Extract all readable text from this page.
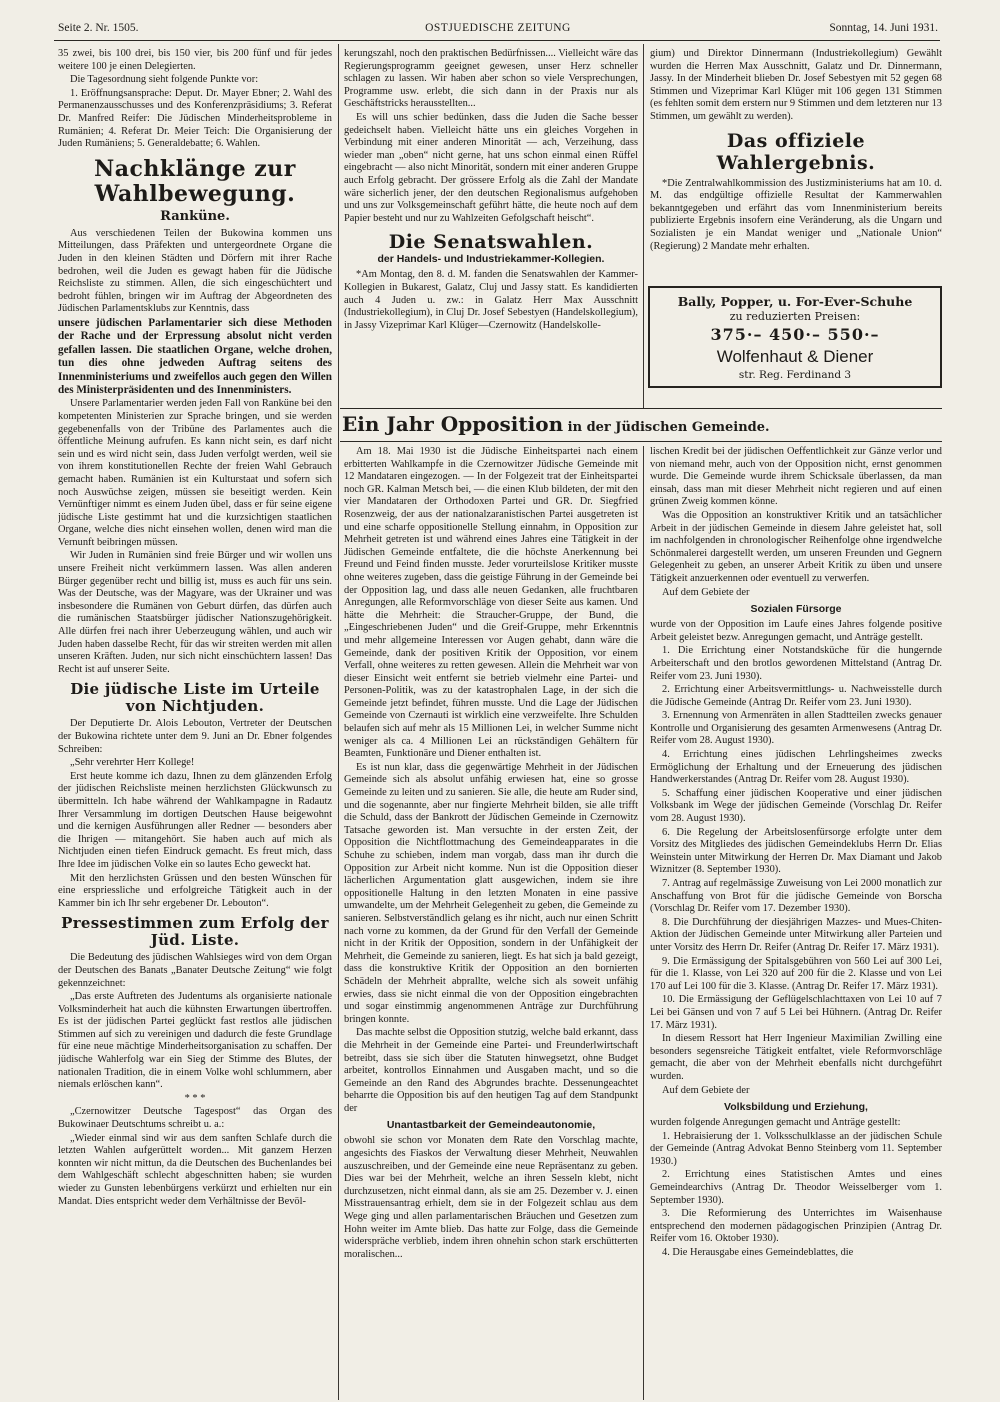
Seite 2. Nr. 1505.	OSTJUEDISCHE ZEITUNG	Sonntag, 14. Juni 1931.

35 zwei, bis 100 drei, bis 150 vier, bis 200 fünf und für jedes weitere 100 je einen Delegierten.

Die Tagesordnung sieht folgende Punkte vor:

1. Eröffnungsansprache: Deput. Dr. Mayer Ebner; 2. Wahl des Permanenzausschusses und des Konferenzpräsidiums; 3. Referat Dr. Manfred Reifer: Die Jüdischen Minderheitsprobleme in Rumänien; 4. Referat Dr. Meier Teich: Die Organisierung der Juden Rumäniens; 5. Generaldebatte; 6. Wahlen.

Nachklänge zur Wahlbewegung.
Rankünе.

Aus verschiedenen Teilen der Bukowina kommen uns Mitteilungen, dass Präfekten und untergeordnete Organe die Juden in den kleinen Städten und Dörfern mit ihrer Rache bedrohen, weil die Juden es gewagt haben für die Jüdische Reichsliste zu stimmen. Allen, die sich eingeschüchtert und bedroht fühlen, bringen wir im Auftrag der Abgeordneten des Jüdischen Parlamentsklubs zur Kenntnis, dass

unsere jüdischen Parlamentarier sich diese Methoden der Rache und der Erpressung absolut nicht verden gefallen lassen. Die staatlichen Organe, welche drohen, tun dies ohne jedweden Auftrag seitens des Innenministeriums und zweifellos auch gegen den Willen des Ministerpräsidenten und des Innenministers.

Unsere Parlamentarier werden jeden Fall von Rankünе bei den kompetenten Ministerien zur Sprache bringen, und sie werden gegebenenfalls von der Tribüne des Parlamentes auch die öffentliche Meinung aufrufen. Es kann nicht sein, es darf nicht sein und es wird nicht sein, dass Juden verfolgt werden, weil sie von ihrem konstitutionellen Rechte der freien Wahl Gebrauch gemacht haben. Rumänien ist ein Kulturstaat und sofern sich noch Auswüchse zeigen, müssen sie beseitigt werden. Kein Vernünftiger nimmt es einem Juden übel, dass er für seine eigene jüdische Liste gestimmt hat und die kurzsichtigen staatlichen Organe, welche dies nicht einsehen wollen, denen wird man die Vernunft beibringen müssen.

Wir Juden in Rumänien sind freie Bürger und wir wollen uns unsere Freiheit nicht verkümmern lassen. Was allen anderen Bürger gegenüber recht und billig ist, muss es auch für uns sein. Was der Deutsche, was der Magyare, was der Ukrainer und was insbesondere die Rumänen von Geburt dürfen, das dürfen auch die rumänischen Staatsbürger jüdischer Nationszugehörigkeit. Alle dürfen frei nach ihrer Ueberzeugung wählen, und auch wir Juden haben dasselbe Recht, für das wir streiten werden mit allen unseren Kräften. Juden, nur sich nicht einschüchtern lassen! Das Recht ist auf unserer Seite.

Die jüdische Liste im Urteile von Nichtjuden.

Der Deputierte Dr. Alois Lebouton, Vertreter der Deutschen der Bukowina richtete unter dem 9. Juni an Dr. Ebner folgendes Schreiben:

„Sehr verehrter Herr Kollege!

Erst heute komme ich dazu, Ihnen zu dem glänzenden Erfolg der jüdischen Reichsliste meinen herzlichsten Glückwunsch zu übermitteln. Ich habe während der Wahlkampagne in Radautz Ihrer Versammlung im dortigen Deutschen Hause beigewohnt und die kernigen Ausführungen aller Redner — besonders aber die Ihrigen — mitangehört. Sie haben auch auf mich als Nichtjuden einen tiefen Eindruck gemacht. Es freut mich, dass Ihre Idee im jüdischen Volke ein so lautes Echo geweckt hat.

Mit den herzlichsten Grüssen und den besten Wünschen für eine erspriessliche und erfolgreiche Tätigkeit auch in der Kammer bin ich Ihr sehr ergebener Dr. Lebouton“.

Pressestimmen zum Erfolg der Jüd. Liste.

Die Bedeutung des jüdischen Wahlsieges wird von dem Organ der Deutschen des Banats „Banater Deutsche Zeitung“ wie folgt gekennzeichnet:

„Das erste Auftreten des Judentums als organisierte nationale Volksminderheit hat auch die kühnsten Erwartungen übertroffen. Es ist der jüdischen Partei geglückt fast restlos alle jüdischen Stimmen auf sich zu vereinigen und dadurch die feste Grundlage für eine neue mächtige Minderheitsorganisation zu schaffen. Der jüdische Wahlerfolg war ein Sieg der Stimme des Blutes, der nationalen Tradition, die in einem Volke wohl schlummern, aber niemals erlöschen kann“.

* * *

„Czernowitzer Deutsche Tagespost“ das Organ des Bukowinaer Deutschtums schreibt u. a.:

„Wieder einmal sind wir aus dem sanften Schlafe durch die letzten Wahlen aufgerüttelt worden... Mit ganzem Herzen konnten wir nicht mittun, da die Deutschen des Buchenlandes bei dem Wahlgeschäft schlecht abgeschnitten haben; sie wurden wieder zu Gunsten lebenbürgens verkürzt und erhielten nur ein Mandat. Dies entspricht weder dem Verhältnisse der Bevöl-

kerungszahl, noch den praktischen Bedürfnissen.... Vielleicht wäre das Regierungsprogramm geeignet gewesen, unser Herz schneller schlagen zu lassen. Wir haben aber schon so viele Versprechungen, Programme usw. erlebt, die sich dann in der Praxis nur als Geschäftstricks herausstellten...

Es will uns schier bedünken, dass die Juden die Sache besser gedeichselt haben. Vielleicht hätte uns ein gleiches Vorgehen in Verbindung mit einer anderen Minorität — ach, Verzeihung, dass wieder man „oben“ nicht gerne, hat uns schon einmal einen Rüffel eingebracht — also nicht Minorität, sondern mit einer anderen Gruppe auch Erfolg gebracht. Der grössere Erfolg als die Zahl der Mandate wäre sicherlich jener, der den deutschen Regionalismus aufgehoben und uns zur Volksgemeinschaft geführt hätte, die heute noch auf dem Papier besteht und nur zu Wahlzeiten Gefolgschaft heischt“.

Die Senatswahlen.
der Handels- und Industriekammer-Kollegien.

*Am Montag, den 8. d. M. fanden die Senatswahlen der Kammer-Kollegien in Bukarest, Galatz, Cluj und Jassy statt. Es kandidierten auch 4 Juden u. zw.: in Galatz Herr Max Ausschnitt (Industriekollegium), in Cluj Dr. Josef Sebestyen (Handelskollegium), in Jassy Vizeprimar Karl Klüger—Czernowitz (Handelskolle-

gium) und Direktor Dinnermann (Industriekollegium) Gewählt wurden die Herren Max Ausschnitt, Galatz und Dr. Dinnermann, Jassy. In der Minderheit blieben Dr. Josef Sebestyen mit 52 gegen 68 Stimmen und Vizeprimar Karl Klüger mit 106 gegen 131 Stimmen (es fehlten somit dem erstern nur 9 Stimmen und dem letzteren nur 13 Stimmen, um gewählt zu werden).

Das offiziele Wahlergebnis.

*Die Zentralwahlkommission des Justizministeriums hat am 10. d. M. das endgültige offizielle Resultat der Kammerwahlen bekanntgegeben und erfährt das vom Innenministerium bereits publizierte Ergebnis insofern eine Veränderung, als die Ungarn und Sozialisten je ein Mandat weniger und „Nationale Union“ (Regierung) 2 Mandate mehr erhalten.

Bally, Popper, u. For-Ever-Schuhe
zu reduzierten Preisen:
375·– 450·– 550·–
Wolfenhaut & Diener
str. Reg. Ferdinand 3
Ein Jahr Opposition in der Jüdischen Gemeinde.

Am 18. Mai 1930 ist die Jüdische Einheitspartei nach einem erbitterten Wahlkampfe in die Czernowitzer Jüdische Gemeinde mit 12 Mandataren eingezogen. — In der Folgezeit trat der Einheitspartei noch GR. Kalman Metsch bei, — die einen Klub bildeten, der mit den vier Mandataren der Orthodoxen Partei und GR. Dr. Siegfried Rosenzweig, der aus der nationalzaranistischen Partei ausgetreten ist und eine scharfe oppositionelle Stellung einnahm, in Opposition zur Mehrheit getreten ist und während eines Jahres eine Tätigkeit in der Jüdischen Gemeinde entfaltete, die die höchste Anerkennung bei Freund und Feind finden musste. Jeder vorurteilslose Kritiker musste ohne weiteres zugeben, dass die geistige Führung in der Gemeinde bei der Opposition lag, und dass alle neuen Gedanken, alle fruchtbaren Anregungen, alle Reformvorschläge von dieser Seite aus kamen. Und hätte die Mehrheit: die Straucher-Gruppe, der Bund, die „Eingeschriebenen Juden“ und die Greif-Gruppe, mehr Erkenntnis und mehr allgemeine Interessen vor Augen gehabt, dann wäre die Gemeinde, dank der positiven Kritik der Opposition, vor einem Verfall, ohne weiteres zu retten gewesen. Allein die Mehrheit war von dieser Einsicht weit entfernt sie betrieb vielmehr eine Partei- und Personen-Politik, was zu der katastrophalen Lage, in der sich die Gemeinde jetzt befindet, führen musste. Und die Lage der Jüdischen Gemeinde von Czernauti ist wirklich eine verzweifelte. Ihre Schulden belaufen sich auf mehr als 15 Millionen Lei, in welcher Summe nicht weniger als ca. 4 Millionen Lei an rückständigen Gehältern für Beamten, Funktionäre und Diener enthalten ist.

Es ist nun klar, dass die gegenwärtige Mehrheit in der Jüdischen Gemeinde sich als absolut unfähig erwiesen hat, eine so grosse Gemeinde zu leiten und zu sanieren. Sie alle, die heute am Ruder sind, und die sogenannte, aber nur fingierte Mehrheit bilden, sie alle trifft die Schuld, dass der Bankrott der Jüdischen Gemeinde in Czernowitz Tatsache geworden ist. Man versuchte in der ersten Zeit, der Opposition die Nichtflottmachung des Gemeindeapparates in die Schuhe zu schieben, indem man vorgab, dass man ihr durch die Opposition zur Arbeit nicht komme. Nun ist die Opposition dieser lächerlichen Argumentation glatt ausgewichen, indem sie ihre oppositionelle Haltung in den letzten Monaten in eine passive umwandelte, um der Mehrheit Gelegenheit zu geben, die Gemeinde zu sanieren. Selbstverständlich gelang es ihr nicht, auch nur einen Schritt nach vorne zu kommen, da der Grund für den Verfall der Gemeinde nicht in der Kritik der Opposition, sondern in der Unfähigkeit der Mehrheit, die Gemeinde zu sanieren, liegt. Es hat sich ja bald gezeigt, dass die konstruktive Kritik der Opposition an den bornierten Schädeln der Mehrheit abprallte, welche sich als soweit unfähig erwies, dass sie nicht einmal die von der Opposition eingebrachten und sogar einstimmig angenommenen Anträge zur Durchführung bringen konnte.

Das machte selbst die Opposition stutzig, welche bald erkannt, dass die Mehrheit in der Gemeinde eine Partei- und Freunderlwirtschaft betreibt, dass sie sich über die Statuten hinwegsetzt, ohne Budget arbeitet, kontrollos Einnahmen und Ausgaben macht, und so die Gemeinde an den Rand des Abgrundes brachte. Dessenungeachtet beharrte die Opposition bis auf den heutigen Tag auf dem Standpunkt der

Unantastbarkeit der Gemeindeautonomie,

obwohl sie schon vor Monaten dem Rate den Vorschlag machte, angesichts des Fiaskos der Verwaltung dieser Mehrheit, Neuwahlen auszuschreiben, und der Gemeinde eine neue Repräsentanz zu geben. Dies war bei der Mehrheit, welche an ihren Sesseln klebt, nicht durchzusetzen, nicht einmal dann, als sie am 25. Dezember v. J. einen Misstrauensantrag erhielt, dem sie in der Folgezeit schlau aus dem Wege ging und allen parlamentarischen Bräuchen und Gesetzen zum Hohn weiter im Amte blieb. Das hatte zur Folge, dass die Gemeinde widerspräche verblieb, indem ihren ohnehin schon stark erschütterten moralischen...

lischen Kredit bei der jüdischen Oeffentlichkeit zur Gänze verlor und von niemand mehr, auch von der Opposition nicht, ernst genommen wurde. Die Gemeinde wurde ihrem Schicksale überlassen, da man einsah, dass man mit dieser Mehrheit nicht regieren und auf einen grünen Zweig kommen könne.

Was die Opposition an konstruktiver Kritik und an tatsächlicher Arbeit in der jüdischen Gemeinde in diesem Jahre geleistet hat, soll im nachfolgenden in chronologischer Reihenfolge ohne irgendwelche Schönmalerei dargestellt werden, um unseren Freunden und Gegnern Gelegenheit zu geben, an unserer Arbeit Kritik zu üben und unsere Tätigkeit anzuerkennen oder eventuell zu verwerfen.

Auf dem Gebiete der

Sozialen Fürsorge

wurde von der Opposition im Laufe eines Jahres folgende positive Arbeit geleistet bezw. Anregungen gemacht, und Anträge gestellt.

1. Die Errichtung einer Notstandsküche für die hungernde Arbeiterschaft und den brotlos gewordenen Mittelstand (Antrag Dr. Reifer vom 23. Juni 1930).

2. Errichtung einer Arbeitsvermittlungs- u. Nachweisstelle durch die Jüdische Gemeinde (Antrag Dr. Reifer vom 23. Juni 1930).

3. Ernennung von Armenräten in allen Stadtteilen zwecks genauer Kontrolle und Organisierung des gesamten Armenwesens (Antrag Dr. Reifer vom 28. August 1930).

4. Errichtung eines jüdischen Lehrlingsheimes zwecks Ermöglichung der Erhaltung und der Erneuerung des jüdischen Handwerkerstandes (Antrag Dr. Reifer vom 28. August 1930).

5. Schaffung einer jüdischen Kooperative und einer jüdischen Volksbank im Wege der jüdischen Gemeinde (Vorschlag Dr. Reifer vom 28. August 1930).

6. Die Regelung der Arbeitslosenfürsorge erfolgte unter dem Vorsitz des Mitgliedes des jüdischen Gemeindeklubs Herrn Dr. Elias Weinstein unter Mitwirkung der Herren Dr. Max Diamant und Jakob Wiznitzer (8. September 1930).

7. Antrag auf regelmässige Zuweisung von Lei 2000 monatlich zur Anschaffung von Brot für die jüdische Gemeinde von Borscha (Vorschlag Dr. Reifer vom 17. Dezember 1930).

8. Die Durchführung der diesjährigen Mazzes- und Mues-Chiten-Aktion der Jüdischen Gemeinde unter Mitwirkung aller Parteien und unter Vorsitz des Herrn Dr. Reifer (Antrag Dr. Reifer 17. März 1931).

9. Die Ermässigung der Spitalsgebühren von 560 Lei auf 300 Lei, für die 1. Klasse, von Lei 320 auf 200 für die 2. Klasse und von Lei 170 auf Lei 100 für die 3. Klasse. (Antrag Dr. Reifer 17. März 1931).

10. Die Ermässigung der Geflügelschlachttaxen von Lei 10 auf 7 Lei bei Gänsen und von 7 auf 5 Lei bei Hühnern. (Antrag Dr. Reifer 17. März 1931).

In diesem Ressort hat Herr Ingenieur Maximilian Zwilling eine besonders segensreiche Tätigkeit entfaltet, viele Reformvorschläge gemacht, die aber von der Mehrheit ebenfalls nicht durchgeführt wurden.

Auf dem Gebiete der

Volksbildung und Erziehung,

wurden folgende Anregungen gemacht und Anträge gestellt:

1. Hebraisierung der 1. Volksschulklasse an der jüdischen Schule der Gemeinde (Antrag Advokat Benno Steinberg vom 11. September 1930.)

2. Errichtung eines Statistischen Amtes und eines Gemeindearchivs (Antrag Dr. Theodor Weisselberger vom 1. September 1930).

3. Die Reformierung des Unterrichtes im Waisenhause entsprechend den modernen pädagogischen Prinzipien (Antrag Dr. Reifer vom 16. Oktober 1930).

4. Die Herausgabe eines Gemeindeblattes, die
